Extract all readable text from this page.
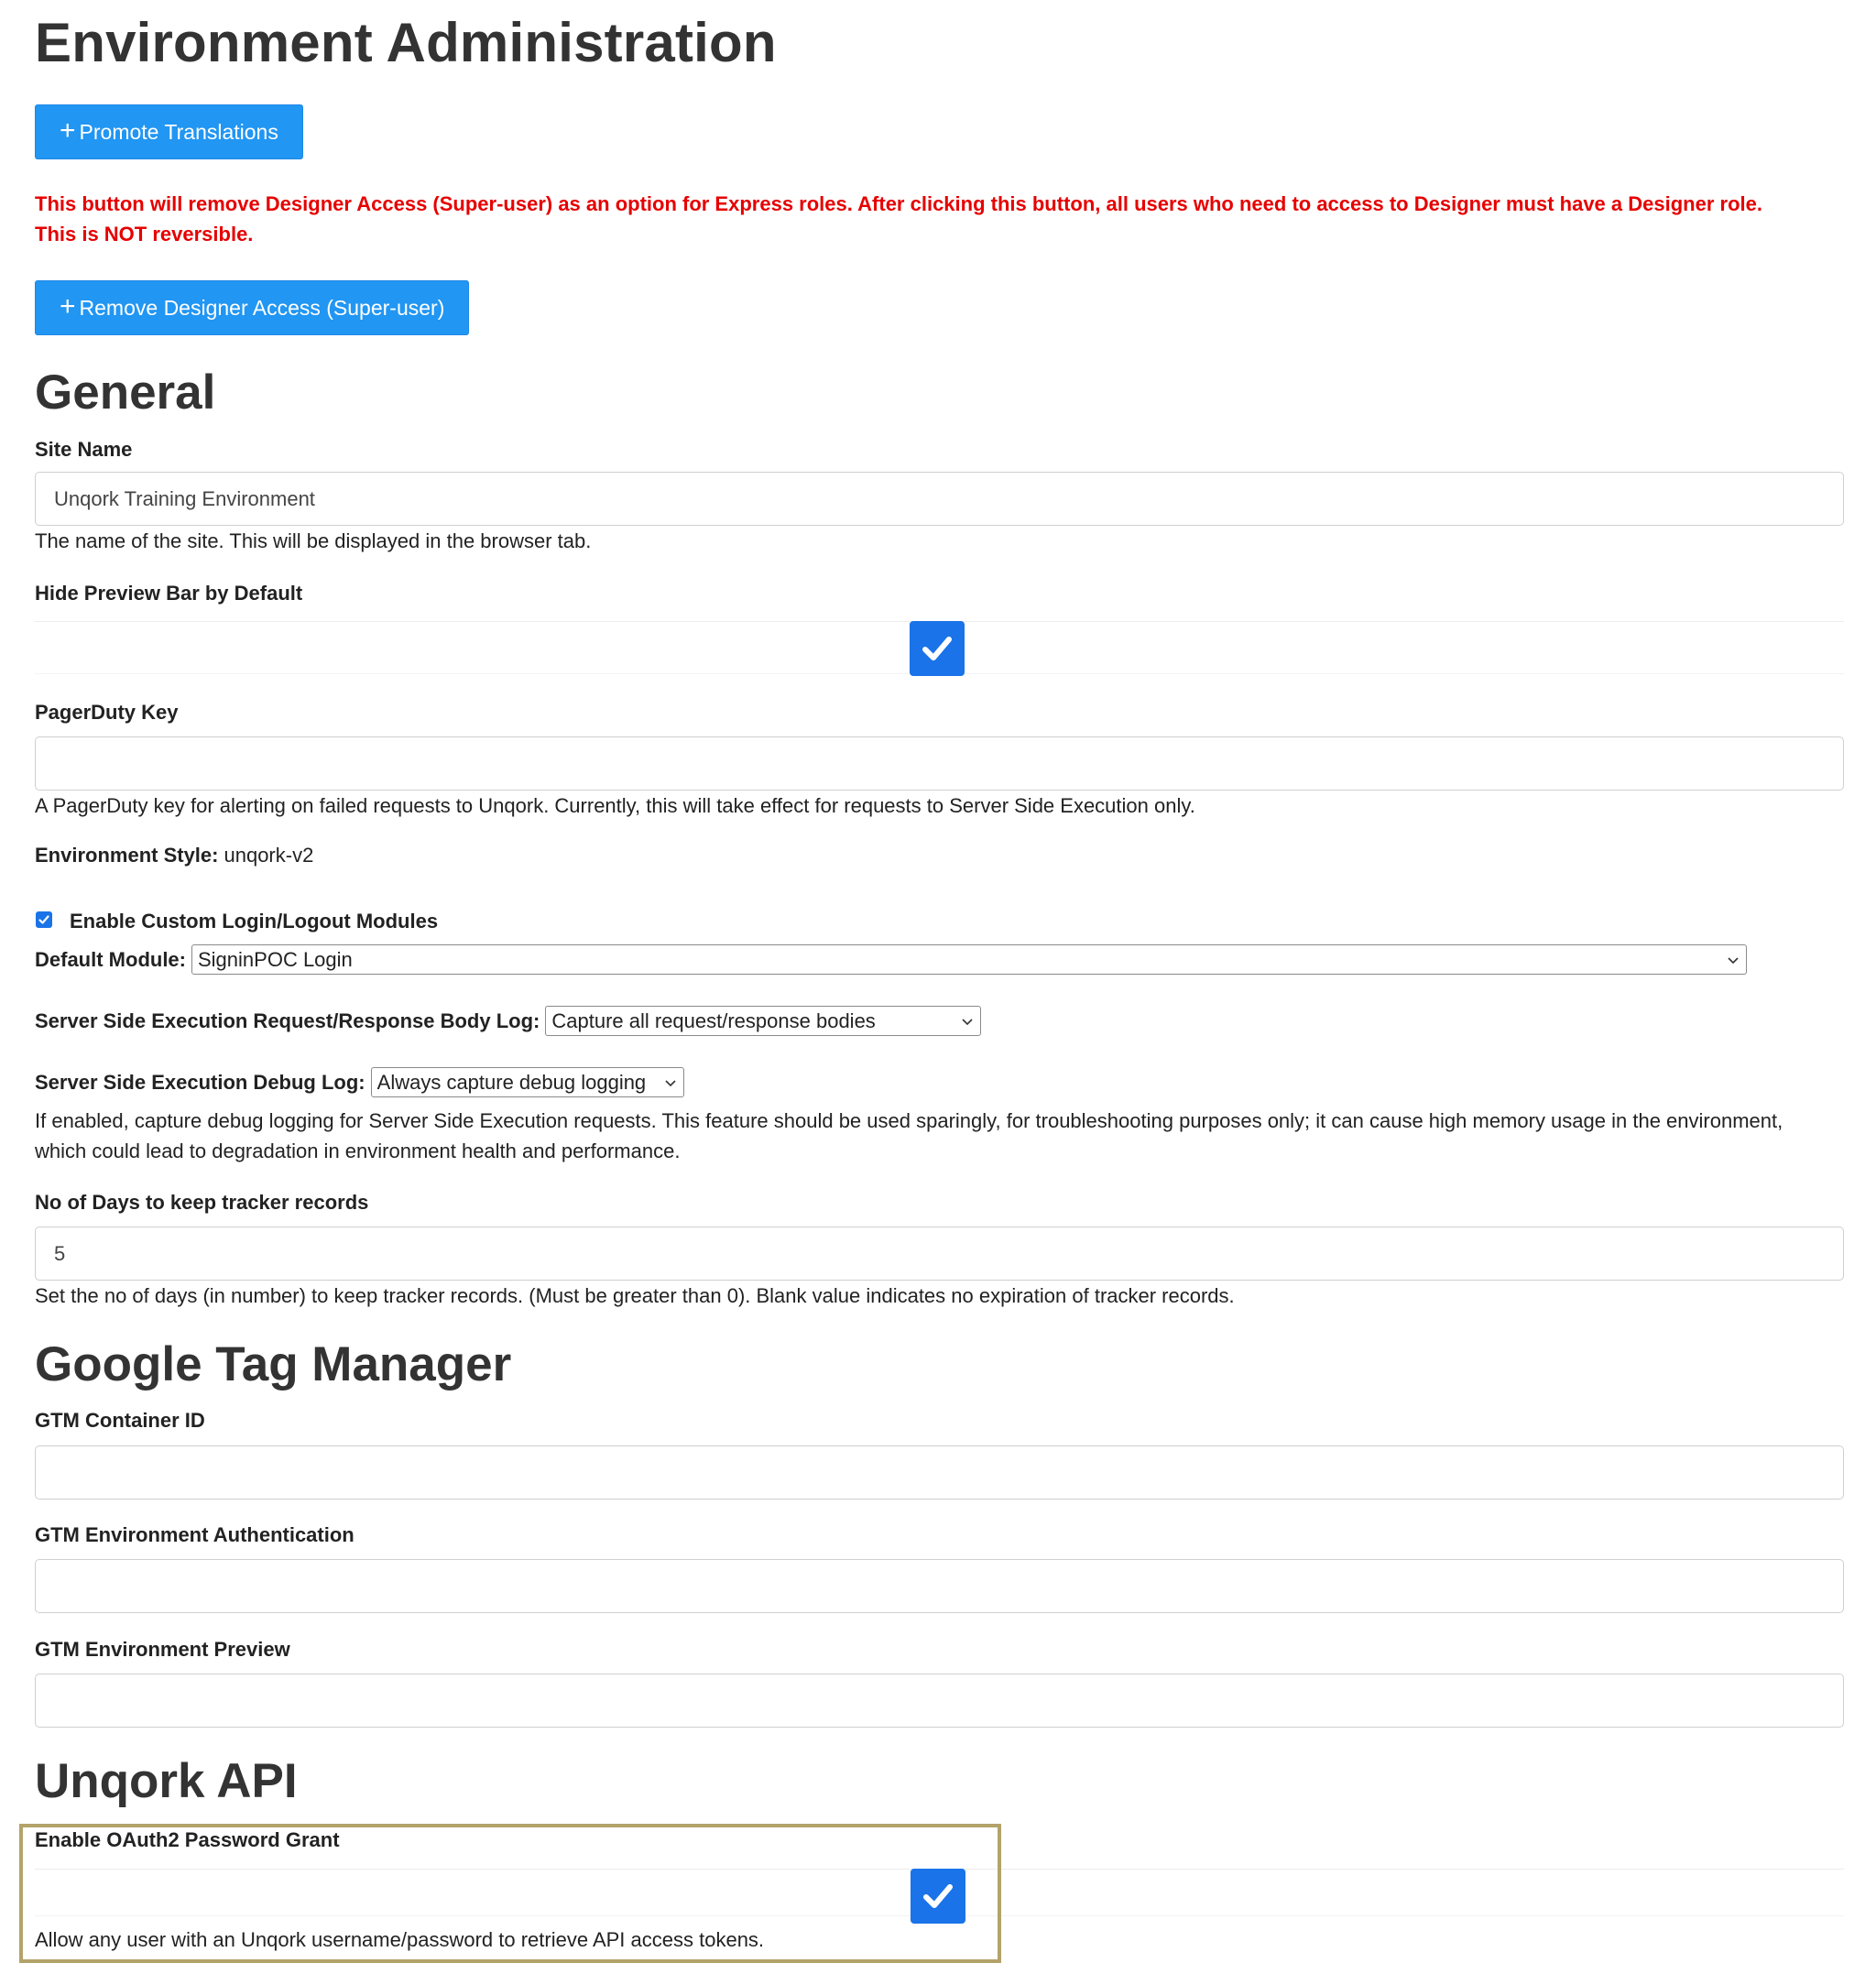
Environment Administration
+ Promote Translations

This button will remove Designer Access (Super-user) as an option for Express roles. After clicking this button, all users who need to access to Designer must have a Designer role. This is NOT reversible.

+ Remove Designer Access (Super-user)
General
Site Name
Unqork Training Environment
The name of the site. This will be displayed in the browser tab.
Hide Preview Bar by Default
PagerDuty Key
A PagerDuty key for alerting on failed requests to Unqork. Currently, this will take effect for requests to Server Side Execution only.
Environment Style: unqork-v2
Enable Custom Login/Logout Modules
Default Module: SigninPOC Login
Server Side Execution Request/Response Body Log: Capture all request/response bodies
Server Side Execution Debug Log: Always capture debug logging
If enabled, capture debug logging for Server Side Execution requests. This feature should be used sparingly, for troubleshooting purposes only; it can cause high memory usage in the environment, which could lead to degradation in environment health and performance.
No of Days to keep tracker records
5
Set the no of days (in number) to keep tracker records. (Must be greater than 0). Blank value indicates no expiration of tracker records.
Google Tag Manager
GTM Container ID
GTM Environment Authentication
GTM Environment Preview
Unqork API
Enable OAuth2 Password Grant
Allow any user with an Unqork username/password to retrieve API access tokens.
